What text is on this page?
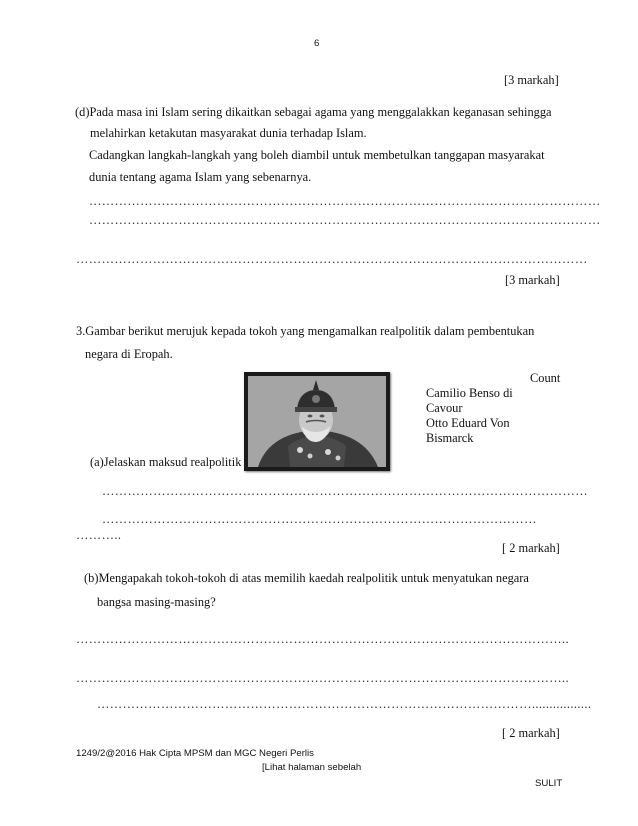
6
[3 markah]
(d)Pada masa ini Islam sering dikaitkan sebagai agama yang menggalakkan keganasan sehingga
melahirkan ketakutan masyarakat dunia terhadap Islam.
Cadangkan langkah-langkah yang boleh diambil untuk membetulkan tanggapan masyarakat
dunia tentang agama Islam yang sebenarnya.
…………………………………………………………………………………………………………
…………………………………………………………………………………………………………
…………………………………………………………………………………………………………
[3 markah]
3.Gambar berikut merujuk kepada tokoh yang mengamalkan realpolitik dalam pembentukan
negara di Eropah.
Count
Camilio Benso di
Cavour
Otto Eduard Von
Bismarck
(a)Jelaskan maksud realpolitik
……………………………………………………………………………………………………
…………………………………………………………………………………………
………..
[ 2 markah]
(b)Mengapakah tokoh-tokoh di atas memilih kaedah realpolitik untuk menyatukan negara
bangsa masing-masing?
……………………………………………………………………………………………………..
……………………………………………………………………………………………………..
………………………………………………………………………………………….................
[ 2 markah]
1249/2@2016 Hak Cipta MPSM dan MGC Negeri Perlis
[Lihat halaman sebelah
SULIT
